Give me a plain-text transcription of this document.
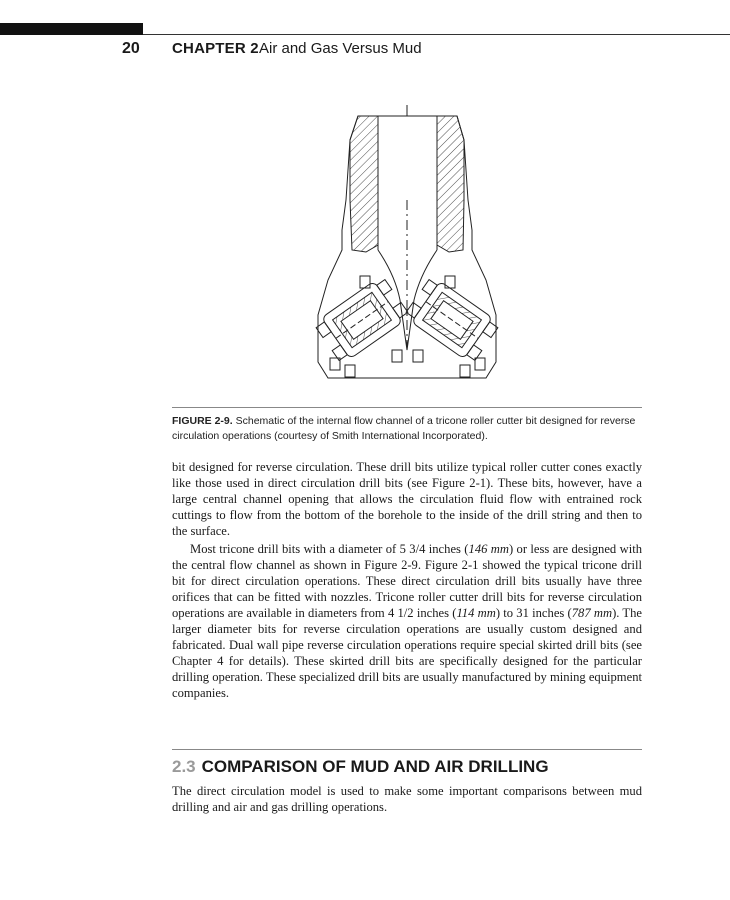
20 CHAPTER 2 Air and Gas Versus Mud
FIGURE 2-9. Schematic of the internal flow channel of a tricone roller cutter bit designed for reverse circulation operations (courtesy of Smith International Incorporated).

bit designed for reverse circulation. These drill bits utilize typical roller cutter cones exactly like those used in direct circulation drill bits (see Figure 2-1). These bits, however, have a large central channel opening that allows the circulation fluid flow with entrained rock cuttings to flow from the bottom of the borehole to the inside of the drill string and then to the surface.

Most tricone drill bits with a diameter of 5 3/4 inches (146 mm) or less are designed with the central flow channel as shown in Figure 2-9. Figure 2-1 showed the typical tricone drill bit for direct circulation operations. These direct circulation drill bits usually have three orifices that can be fitted with nozzles. Tricone roller cutter drill bits for reverse circulation operations are available in diameters from 4 1/2 inches (114 mm) to 31 inches (787 mm). The larger diameter bits for reverse circulation operations are usually custom designed and fabricated. Dual wall pipe reverse circulation operations require special skirted drill bits (see Chapter 4 for details). These skirted drill bits are specifically designed for the particular drilling operation. These specialized drill bits are usually manufactured by mining equipment companies.

2.3 COMPARISON OF MUD AND AIR DRILLING

The direct circulation model is used to make some important comparisons between mud drilling and air and gas drilling operations.
